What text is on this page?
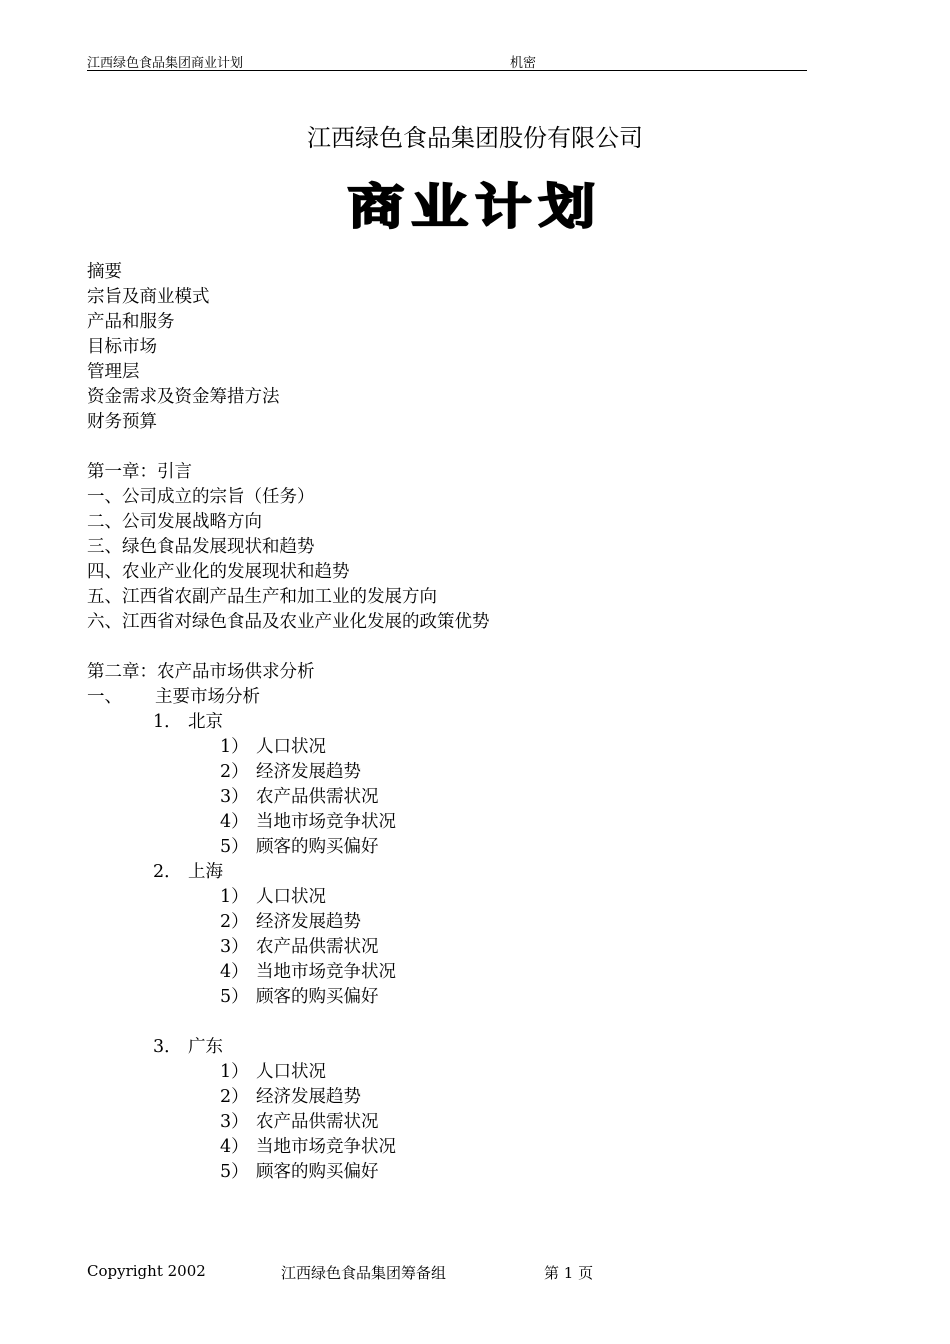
江西绿色食品集团商业计划	机密
江西绿色食品集团股份有限公司
商业计划
摘要
宗旨及商业模式
产品和服务
目标市场
管理层
资金需求及资金筹措方法
财务预算
第一章：引言
一、公司成立的宗旨（任务）
二、公司发展战略方向
三、绿色食品发展现状和趋势
四、农业产业化的发展现状和趋势
五、江西省农副产品生产和加工业的发展方向
六、江西省对绿色食品及农业产业化发展的政策优势
第二章：农产品市场供求分析
一、 主要市场分析
1． 北京
1） 人口状况
2） 经济发展趋势
3） 农产品供需状况
4） 当地市场竞争状况
5） 顾客的购买偏好
2． 上海
1） 人口状况
2） 经济发展趋势
3） 农产品供需状况
4） 当地市场竞争状况
5） 顾客的购买偏好
3． 广东
1） 人口状况
2） 经济发展趋势
3） 农产品供需状况
4） 当地市场竞争状况
5） 顾客的购买偏好
Copyright 2002	江西绿色食品集团筹备组	第 1 页
